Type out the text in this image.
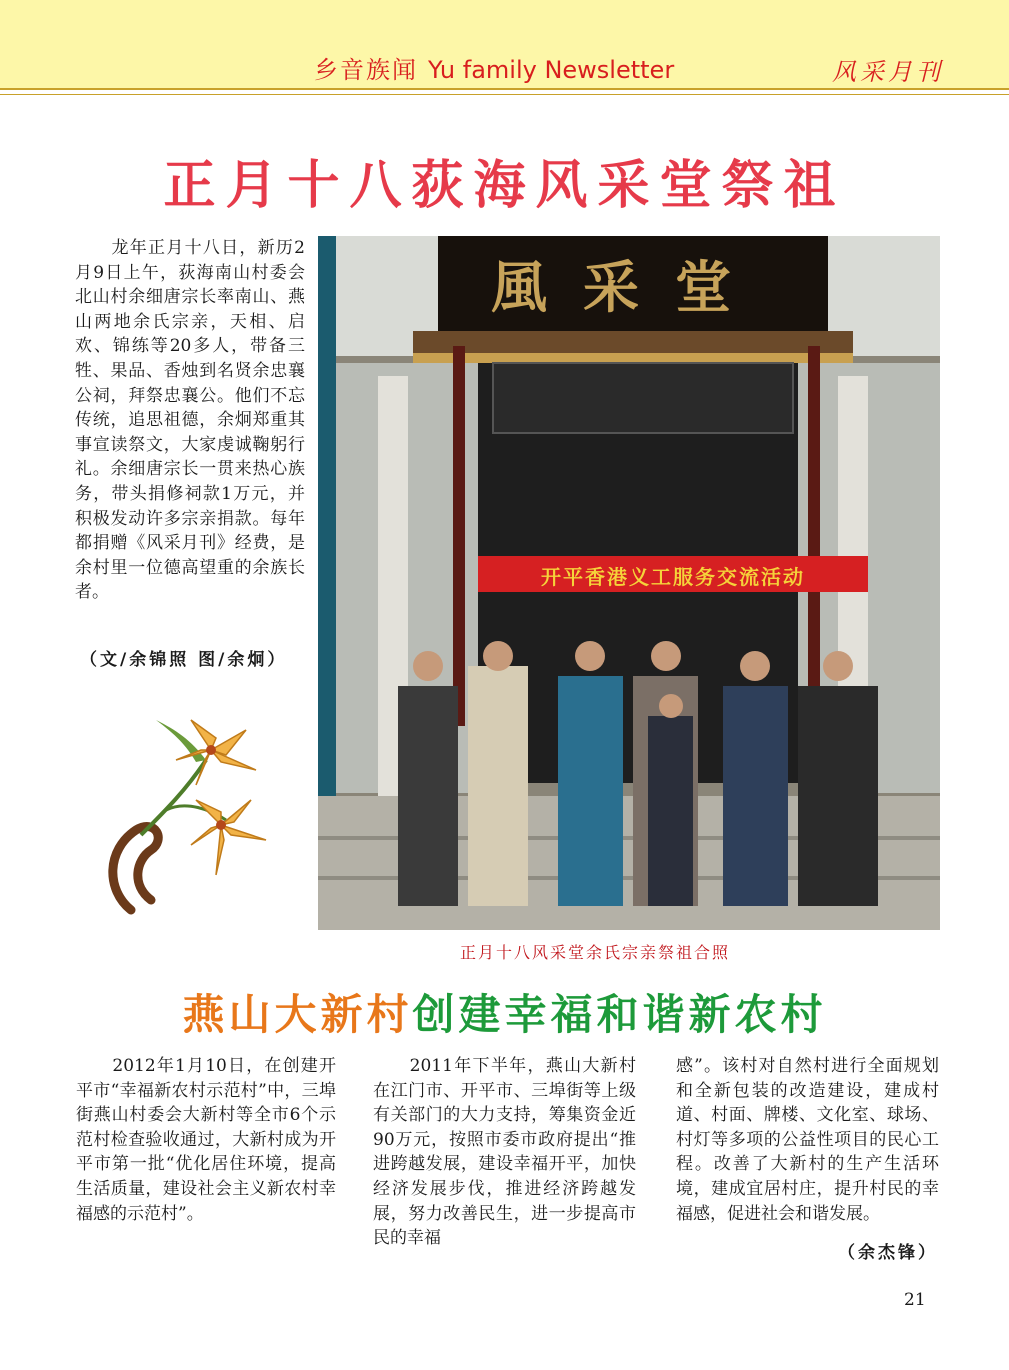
乡音族闻 Yu family Newsletter	风采月刊
正月十八荻海风采堂祭祖
　　龙年正月十八日，新历2月9日上午，荻海南山村委会北山村余细唐宗长率南山、燕山两地余氏宗亲，天相、启欢、锦练等20多人，带备三牲、果品、香烛到名贤余忠襄公祠，拜祭忠襄公。他们不忘传统，追思祖德，余炯郑重其事宣读祭文，大家虔诚鞠躬行礼。余细唐宗长一贯来热心族务，带头捐修祠款1万元，并积极发动许多宗亲捐款。每年都捐赠《风采月刊》经费，是余村里一位德高望重的余族长者。
（文/余锦照 图/余炯）
風采堂
开平香港义工服务交流活动
正月十八风采堂余氏宗亲祭祖合照
燕山大新村创建幸福和谐新农村
　　2012年1月10日，在创建开平市“幸福新农村示范村”中，三埠街燕山村委会大新村等全市6个示范村检查验收通过，大新村成为开平市第一批“优化居住环境，提高生活质量，建设社会主义新农村幸福感的示范村”。
　　2011年下半年，燕山大新村在江门市、开平市、三埠街等上级有关部门的大力支持，筹集资金近90万元，按照市委市政府提出“推进跨越发展，建设幸福开平，加快经济发展步伐，推进经济跨越发展，努力改善民生，进一步提高市民的幸福
感”。该村对自然村进行全面规划和全新包装的改造建设，建成村道、村面、牌楼、文化室、球场、村灯等多项的公益性项目的民心工程。改善了大新村的生产生活环境，建成宜居村庄，提升村民的幸福感，促进社会和谐发展。
（余杰锋）
21
